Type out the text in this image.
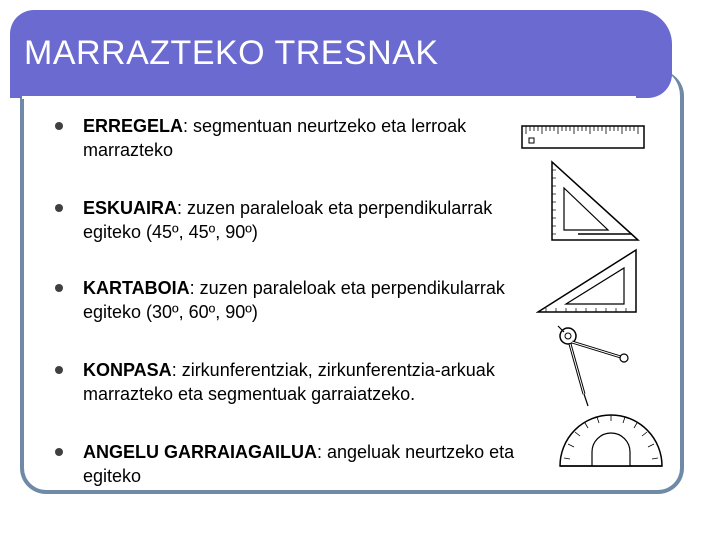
MARRAZTEKO TRESNAK
ERREGELA: segmentuan neurtzeko eta lerroak marrazteko
ESKUAIRA: zuzen paraleloak eta perpendikularrak egiteko (45º, 45º, 90º)
KARTABOIA: zuzen paraleloak eta perpendikularrak egiteko (30º, 60º, 90º)
KONPASA: zirkunferentziak, zirkunferentzia-arkuak marrazteko eta segmentuak garraiatzeko.
ANGELU GARRAIAGAILUA: angeluak neurtzeko eta egiteko
